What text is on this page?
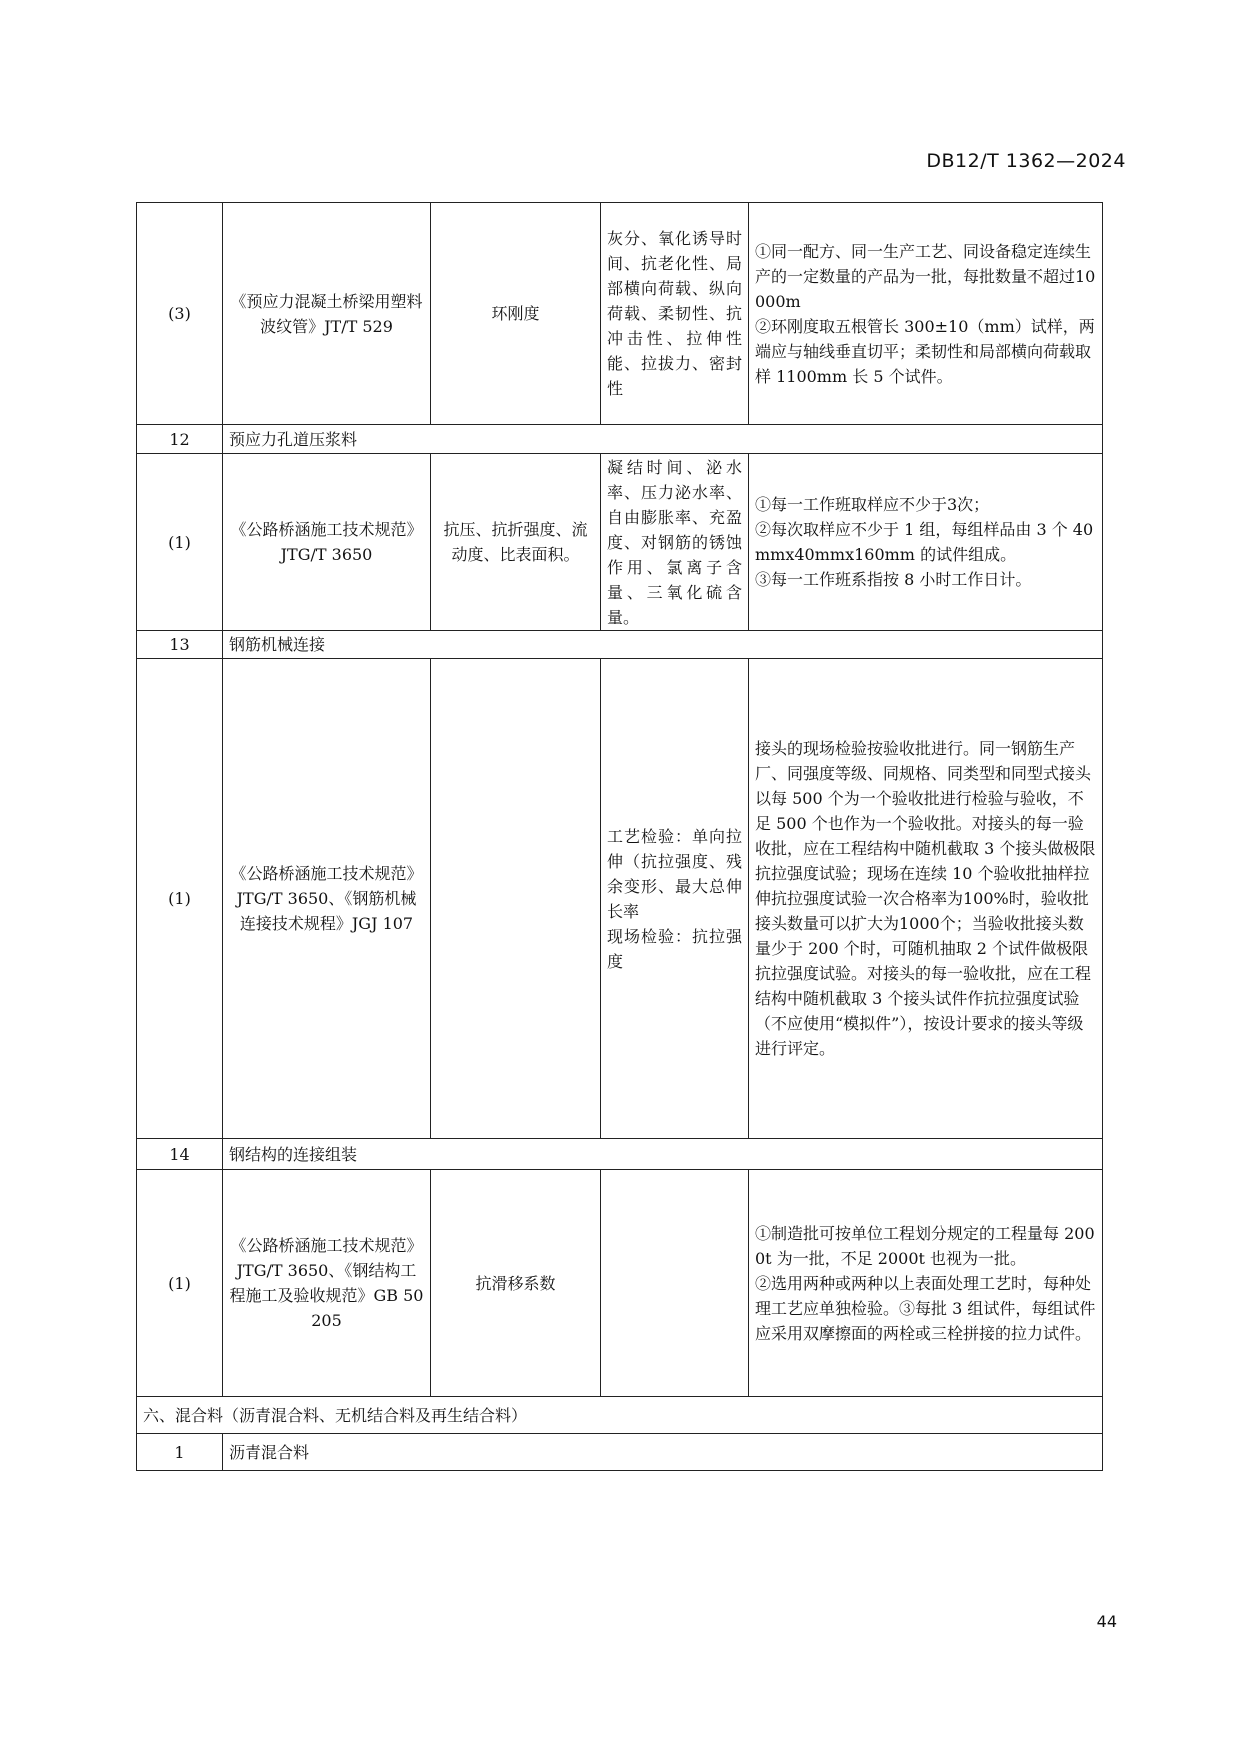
DB12/T 1362—2024
(3)	《预应力混凝土桥梁用塑料波纹管》JT/T 529	环刚度	灰分、氧化诱导时间、抗老化性、局部横向荷载、纵向荷载、柔韧性、抗冲击性、拉伸性能、拉拔力、密封性	①同一配方、同一生产工艺、同设备稳定连续生产的一定数量的产品为一批，每批数量不超过10000m
②环刚度取五根管长 300±10（mm）试样，两端应与轴线垂直切平；柔韧性和局部横向荷载取样 1100mm 长 5 个试件。

12	预应力孔道压浆料			
(1)	《公路桥涵施工技术规范》JTG/T 3650	抗压、抗折强度、流动度、比表面积。	凝结时间、泌水率、压力泌水率、自由膨胀率、充盈度、对钢筋的锈蚀作用、氯离子含量、三氧化硫含量。	①每一工作班取样应不少于3次；
②每次取样应不少于 1 组，每组样品由 3 个 40mmx40mmx160mm 的试件组成。
③每一工作班系指按 8 小时工作日计。

13	钢筋机械连接			
(1)	《公路桥涵施工技术规范》JTG/T 3650、《钢筋机械连接技术规程》JGJ 107		工艺检验：单向拉伸（抗拉强度、残余变形、最大总伸长率
现场检验：抗拉强度	接头的现场检验按验收批进行。同一钢筋生产厂、同强度等级、同规格、同类型和同型式接头以每 500 个为一个验收批进行检验与验收，不足 500 个也作为一个验收批。对接头的每一验收批，应在工程结构中随机截取 3 个接头做极限抗拉强度试验；现场在连续 10 个验收批抽样拉伸抗拉强度试验一次合格率为100%时，验收批接头数量可以扩大为1000个；当验收批接头数量少于 200 个时，可随机抽取 2 个试件做极限抗拉强度试验。对接头的每一验收批，应在工程结构中随机截取 3 个接头试件作抗拉强度试验（不应使用“模拟件”），按设计要求的接头等级进行评定。
14	钢结构的连接组装			
(1)	《公路桥涵施工技术规范》JTG/T 3650、《钢结构工程施工及验收规范》GB 50205	抗滑移系数		①制造批可按单位工程划分规定的工程量每 2000t 为一批，不足 2000t 也视为一批。
②选用两种或两种以上表面处理工艺时，每种处理工艺应单独检验。③每批 3 组试件，每组试件应采用双摩擦面的两栓或三栓拼接的拉力试件。

六、混合料（沥青混合料、无机结合料及再生结合料）				
1	沥青混合料			
44
